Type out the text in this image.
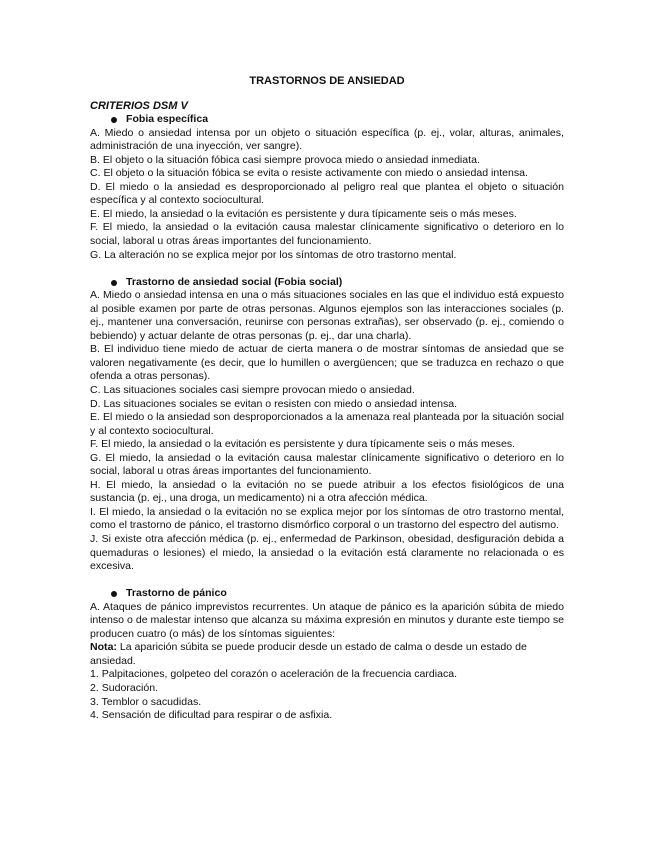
TRASTORNOS DE ANSIEDAD
CRITERIOS DSM V
Fobia específica

A. Miedo o ansiedad intensa por un objeto o situación específica (p. ej., volar, alturas, animales, administración de una inyección, ver sangre).

B. El objeto o la situación fóbica casi siempre provoca miedo o ansiedad inmediata.

C. El objeto o la situación fóbica se evita o resiste activamente con miedo o ansiedad intensa.

D. El miedo o la ansiedad es desproporcionado al peligro real que plantea el objeto o situación específica y al contexto sociocultural.

E. El miedo, la ansiedad o la evitación es persistente y dura típicamente seis o más meses.

F. El miedo, la ansiedad o la evitación causa malestar clínicamente significativo o deterioro en lo social, laboral u otras áreas importantes del funcionamiento.

G. La alteración no se explica mejor por los síntomas de otro trastorno mental.

Trastorno de ansiedad social (Fobia social)

A. Miedo o ansiedad intensa en una o más situaciones sociales en las que el individuo está expuesto al posible examen por parte de otras personas. Algunos ejemplos son las interacciones sociales (p. ej., mantener una conversación, reunirse con personas extrañas), ser observado (p. ej., comiendo o bebiendo) y actuar delante de otras personas (p. ej., dar una charla).

B. El individuo tiene miedo de actuar de cierta manera o de mostrar síntomas de ansiedad que se valoren negativamente (es decir, que lo humillen o avergüencen; que se traduzca en rechazo o que ofenda a otras personas).

C. Las situaciones sociales casi siempre provocan miedo o ansiedad.

D. Las situaciones sociales se evitan o resisten con miedo o ansiedad intensa.

E. El miedo o la ansiedad son desproporcionados a la amenaza real planteada por la situación social y al contexto sociocultural.

F. El miedo, la ansiedad o la evitación es persistente y dura típicamente seis o más meses.

G. El miedo, la ansiedad o la evitación causa malestar clínicamente significativo o deterioro en lo social, laboral u otras áreas importantes del funcionamiento.

H. El miedo, la ansiedad o la evitación no se puede atribuir a los efectos fisiológicos de una sustancia (p. ej., una droga, un medicamento) ni a otra afección médica.

I. El miedo, la ansiedad o la evitación no se explica mejor por los síntomas de otro trastorno mental, como el trastorno de pánico, el trastorno dismórfico corporal o un trastorno del espectro del autismo.

J. Si existe otra afección médica (p. ej., enfermedad de Parkinson, obesidad, desfiguración debida a quemaduras o lesiones) el miedo, la ansiedad o la evitación está claramente no relacionada o es excesiva.

Trastorno de pánico

A. Ataques de pánico imprevistos recurrentes. Un ataque de pánico es la aparición súbita de miedo intenso o de malestar intenso que alcanza su máxima expresión en minutos y durante este tiempo se producen cuatro (o más) de los síntomas siguientes:

Nota: La aparición súbita se puede producir desde un estado de calma o desde un estado de ansiedad.

1. Palpitaciones, golpeteo del corazón o aceleración de la frecuencia cardiaca.

2. Sudoración.

3. Temblor o sacudidas.

4. Sensación de dificultad para respirar o de asfixia.
